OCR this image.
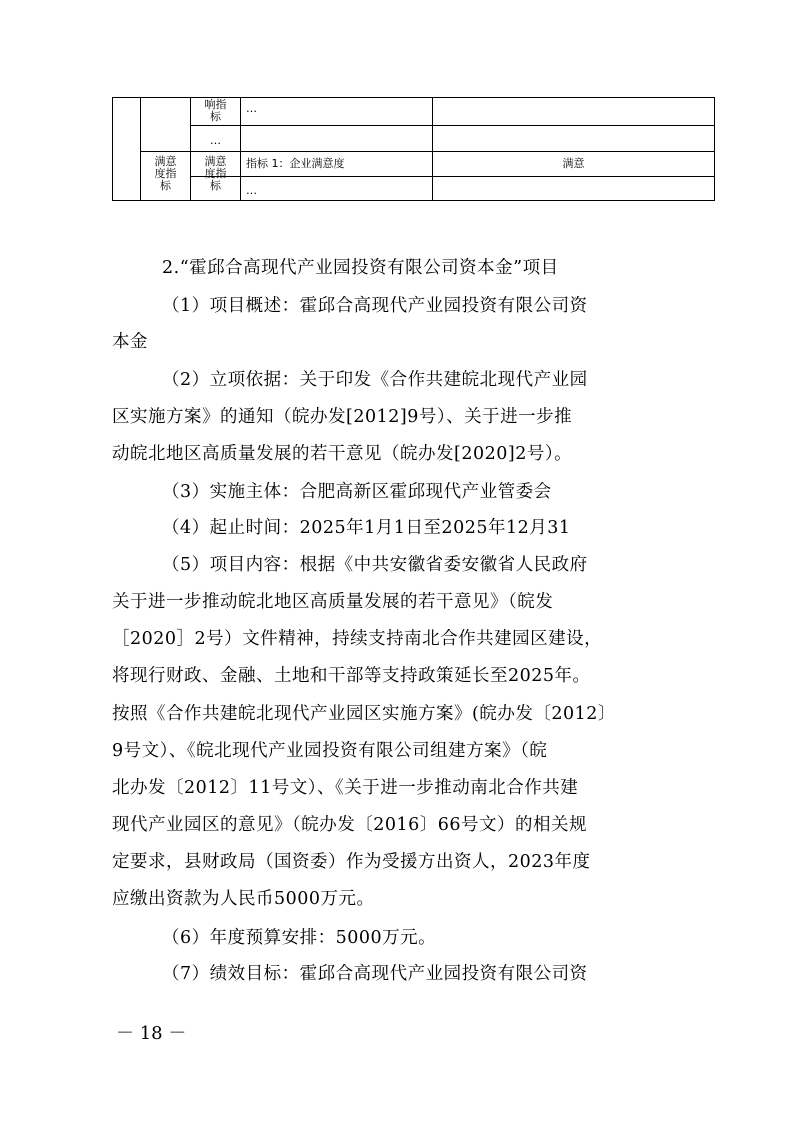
响指
标
…
…
满意
度指
标
满意
度指
标
指标 1：企业满意度	满意
…
2.“霍邱合高现代产业园投资有限公司资本金”项目
（1）项目概述：霍邱合高现代产业园投资有限公司资
本金
（2）立项依据：关于印发《合作共建皖北现代产业园
区实施方案》的通知（皖办发[2012]9号）、关于进一步推
动皖北地区高质量发展的若干意见（皖办发[2020]2号）。
（3）实施主体：合肥高新区霍邱现代产业管委会
（4）起止时间：2025年1月1日至2025年12月31
（5）项目内容：根据《中共安徽省委安徽省人民政府
关于进一步推动皖北地区高质量发展的若干意见》（皖发
［2020］2号）文件精神，持续支持南北合作共建园区建设，
将现行财政、金融、土地和干部等支持政策延长至2025年。
按照《合作共建皖北现代产业园区实施方案》(皖办发〔2012〕
9号文）、《皖北现代产业园投资有限公司组建方案》（皖
北办发〔2012〕11号文）、《关于进一步推动南北合作共建
现代产业园区的意见》（皖办发〔2016〕66号文）的相关规
定要求，县财政局（国资委）作为受援方出资人，2023年度
应缴出资款为人民币5000万元。
（6）年度预算安排：5000万元。
（7）绩效目标：霍邱合高现代产业园投资有限公司资
－ 18 －
